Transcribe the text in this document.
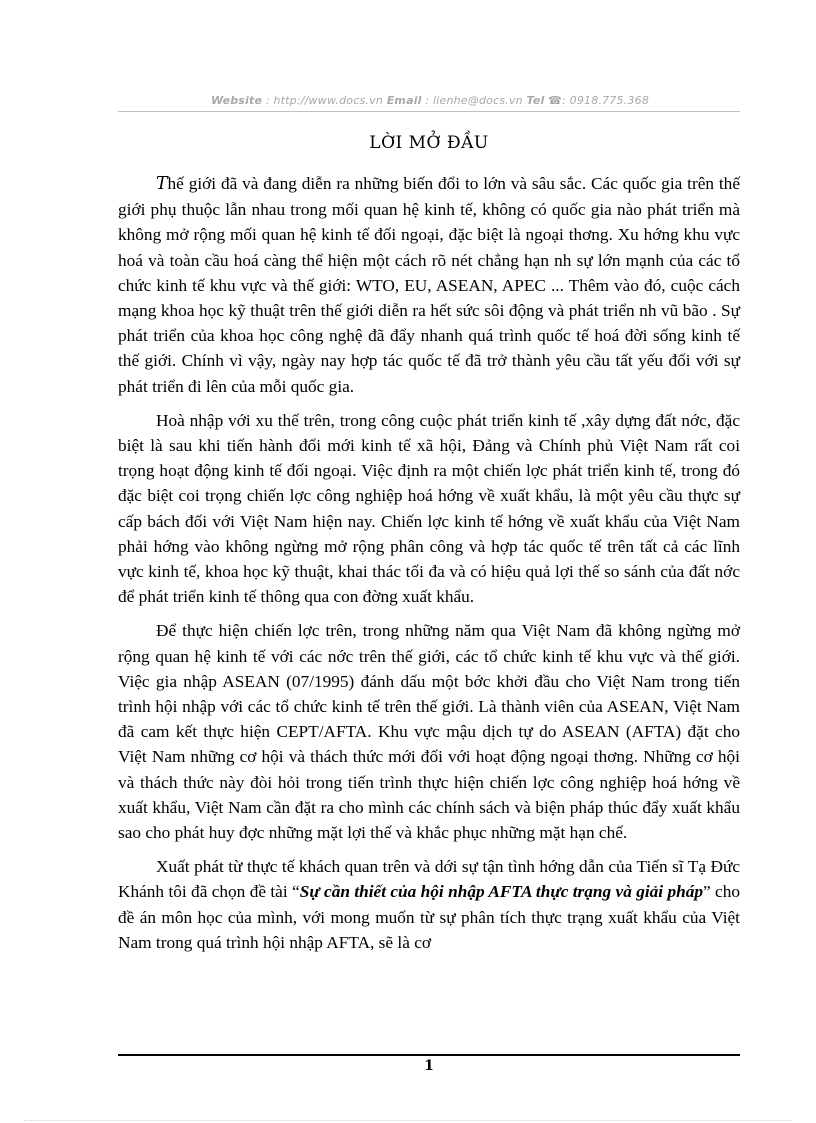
Website : http://www.docs.vn Email : lienhe@docs.vn Tel ☎: 0918.775.368
LỜI MỞ ĐẦU

Thế giới đã và đang diễn ra những biến đổi to lớn và sâu sắc. Các quốc gia trên thế giới phụ thuộc lẫn nhau trong mối quan hệ kinh tế, không có quốc gia nào phát triển mà không mở rộng mối quan hệ kinh tế đối ngoại, đặc biệt là ngoại thơng. Xu hớng khu vực hoá và toàn cầu hoá càng thể hiện một cách rõ nét chẳng hạn nh sự lớn mạnh của các tổ chức kinh tế khu vực và thế giới: WTO, EU, ASEAN, APEC ... Thêm vào đó, cuộc cách mạng khoa học kỹ thuật trên thế giới diễn ra hết sức sôi động và phát triển nh vũ bão . Sự phát triển của khoa học công nghệ đã đẩy nhanh quá trình quốc tế hoá đời sống kinh tế thế giới. Chính vì vậy, ngày nay hợp tác quốc tế đã trở thành yêu cầu tất yếu đối với sự phát triển đi lên của mỗi quốc gia.

Hoà nhập với xu thế trên, trong công cuộc phát triển kinh tế ,xây dựng đất nớc, đặc biệt là sau khi tiến hành đổi mới kinh tế xã hội, Đảng và Chính phủ Việt Nam rất coi trọng hoạt động kinh tế đối ngoại. Việc định ra một chiến lợc phát triển kinh tế, trong đó đặc biệt coi trọng chiến lợc công nghiệp hoá hớng về xuất khẩu, là một yêu cầu thực sự cấp bách đối với Việt Nam hiện nay. Chiến lợc kinh tế hớng về xuất khẩu của Việt Nam phải hớng vào không ngừng mở rộng phân công và hợp tác quốc tế trên tất cả các lĩnh vực kinh tế, khoa học kỹ thuật, khai thác tối đa và có hiệu quả lợi thế so sánh của đất nớc để phát triển kinh tế thông qua con đờng xuất khẩu.

Để thực hiện chiến lợc trên, trong những năm qua Việt Nam đã không ngừng mở rộng quan hệ kinh tế với các nớc trên thế giới, các tổ chức kinh tế khu vực và thế giới. Việc gia nhập ASEAN (07/1995) đánh dấu một bớc khởi đầu cho Việt Nam trong tiến trình hội nhập với các tổ chức kinh tế trên thế giới. Là thành viên của ASEAN, Việt Nam đã cam kết thực hiện CEPT/AFTA. Khu vực mậu dịch tự do ASEAN (AFTA) đặt cho Việt Nam những cơ hội và thách thức mới đối với hoạt động ngoại thơng. Những cơ hội và thách thức này đòi hỏi trong tiến trình thực hiện chiến lợc công nghiệp hoá hớng về xuất khẩu, Việt Nam cần đặt ra cho mình các chính sách và biện pháp thúc đẩy xuất khẩu sao cho phát huy đợc những mặt lợi thế và khắc phục những mặt hạn chế.

Xuất phát từ thực tế khách quan trên và dới sự tận tình hớng dẫn của Tiến sĩ Tạ Đức Khánh tôi đã chọn đề tài “Sự cần thiết của hội nhập AFTA thực trạng và giải pháp” cho đề án môn học của mình, với mong muốn từ sự phân tích thực trạng xuất khẩu của Việt Nam trong quá trình hội nhập AFTA, sẽ là cơ

1
